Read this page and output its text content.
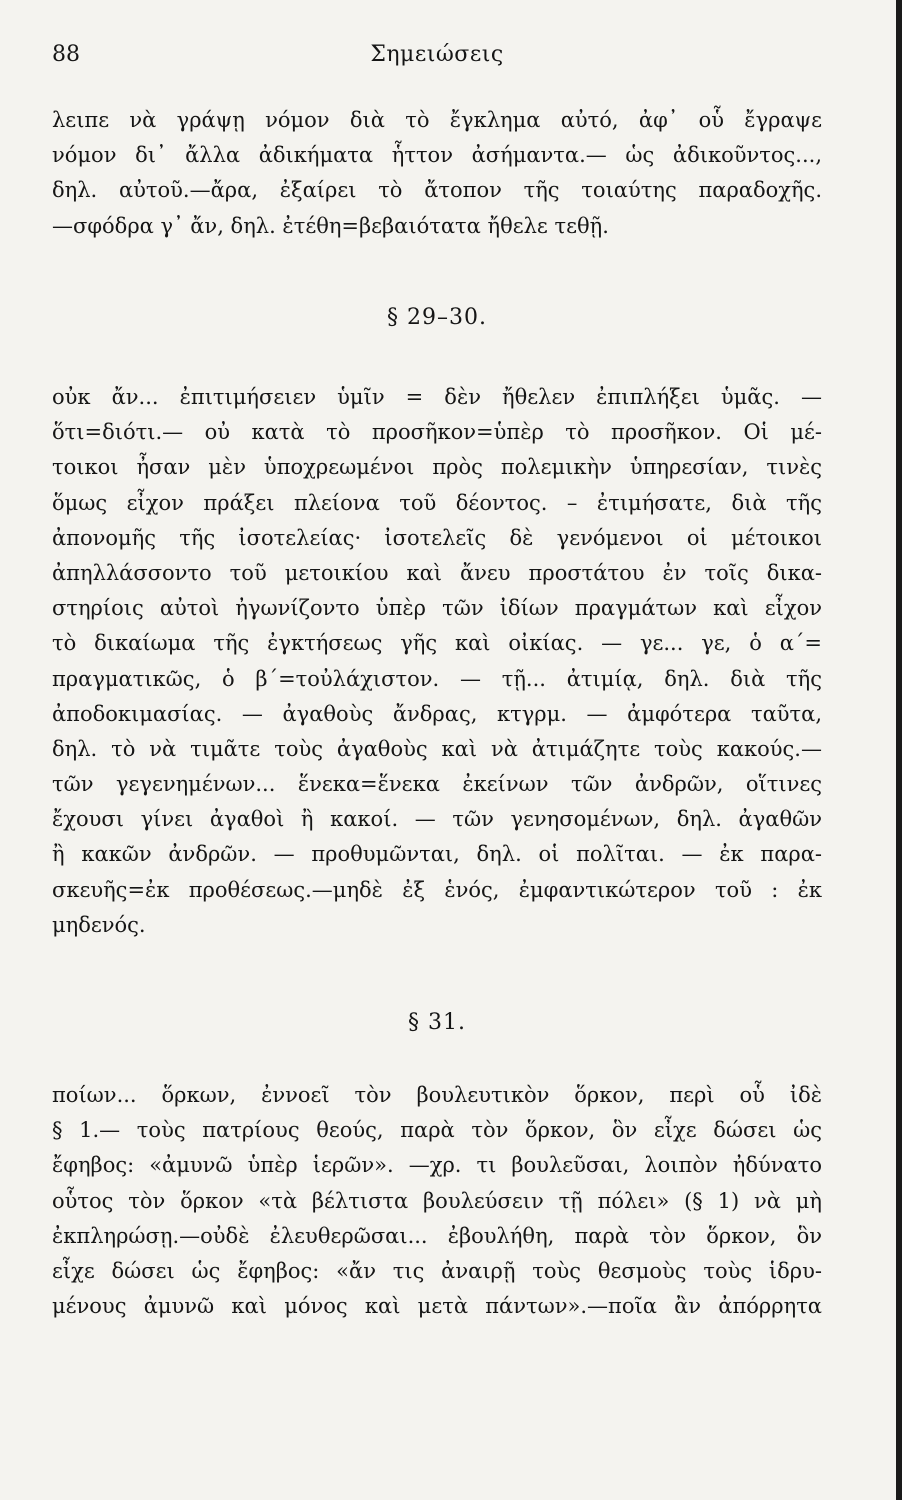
88	Σημειώσεις
λειπε νὰ γράψῃ νόμον διὰ τὸ ἔγκλημα αὐτό, ἀφ᾽ οὗ ἔγραψε
νόμον δι᾽ ἄλλα ἀδικήματα ἧττον ἀσήμαντα.— ὡς ἀδικοῦντος...,
δηλ. αὐτοῦ.—ἄρα, ἐξαίρει τὸ ἄτοπον τῆς τοιαύτης παραδοχῆς.
—σφόδρα γ᾽ ἄν, δηλ. ἐτέθη=βεβαιότατα ἤθελε τεθῇ.
§ 29–30.
οὐκ ἄν... ἐπιτιμήσειεν ὑμῖν = δὲν ἤθελεν ἐπιπλήξει ὑμᾶς. —
ὅτι=διότι.— οὐ κατὰ τὸ προσῆκον=ὑπὲρ τὸ προσῆκον. Οἱ μέ-
τοικοι ἦσαν μὲν ὑποχρεωμένοι πρὸς πολεμικὴν ὑπηρεσίαν, τινὲς
ὅμως εἶχον πράξει πλείονα τοῦ δέοντος. – ἐτιμήσατε, διὰ τῆς
ἀπονομῆς τῆς ἰσοτελείας· ἰσοτελεῖς δὲ γενόμενοι οἱ μέτοικοι
ἀπηλλάσσοντο τοῦ μετοικίου καὶ ἄνευ προστάτου ἐν τοῖς δικα-
στηρίοις αὐτοὶ ἠγωνίζοντο ὑπὲρ τῶν ἰδίων πραγμάτων καὶ εἶχον
τὸ δικαίωμα τῆς ἐγκτήσεως γῆς καὶ οἰκίας. — γε... γε, ὁ α΄=
πραγματικῶς, ὁ β΄=τοὐλάχιστον. — τῇ... ἀτιμίᾳ, δηλ. διὰ τῆς
ἀποδοκιμασίας. — ἀγαθοὺς ἄνδρας, κτγρμ. — ἀμφότερα ταῦτα,
δηλ. τὸ νὰ τιμᾶτε τοὺς ἀγαθοὺς καὶ νὰ ἀτιμάζητε τοὺς κακούς.—
τῶν γεγενημένων... ἕνεκα=ἕνεκα ἐκείνων τῶν ἀνδρῶν, οἵτινες
ἔχουσι γίνει ἀγαθοὶ ἢ κακοί. — τῶν γενησομένων, δηλ. ἀγαθῶν
ἢ κακῶν ἀνδρῶν. — προθυμῶνται, δηλ. οἱ πολῖται. — ἐκ παρα-
σκευῆς=ἐκ προθέσεως.—μηδὲ ἐξ ἑνός, ἐμφαντικώτερον τοῦ : ἐκ
μηδενός.
§ 31.
ποίων... ὅρκων, ἐννοεῖ τὸν βουλευτικὸν ὅρκον, περὶ οὗ ἰδὲ
§ 1.— τοὺς πατρίους θεούς, παρὰ τὸν ὅρκον, ὃν εἶχε δώσει ὡς
ἔφηβος: «ἀμυνῶ ὑπὲρ ἱερῶν». —χρ. τι βουλεῦσαι, λοιπὸν ἠδύνατο
οὗτος τὸν ὅρκον «τὰ βέλτιστα βουλεύσειν τῇ πόλει» (§ 1) νὰ μὴ
ἐκπληρώσῃ.—οὐδὲ ἐλευθερῶσαι... ἐβουλήθη, παρὰ τὸν ὅρκον, ὃν
εἶχε δώσει ὡς ἔφηβος: «ἄν τις ἀναιρῇ τοὺς θεσμοὺς τοὺς ἱδρυ-
μένους ἀμυνῶ καὶ μόνος καὶ μετὰ πάντων».—ποῖα ἂν ἀπόρρητα
